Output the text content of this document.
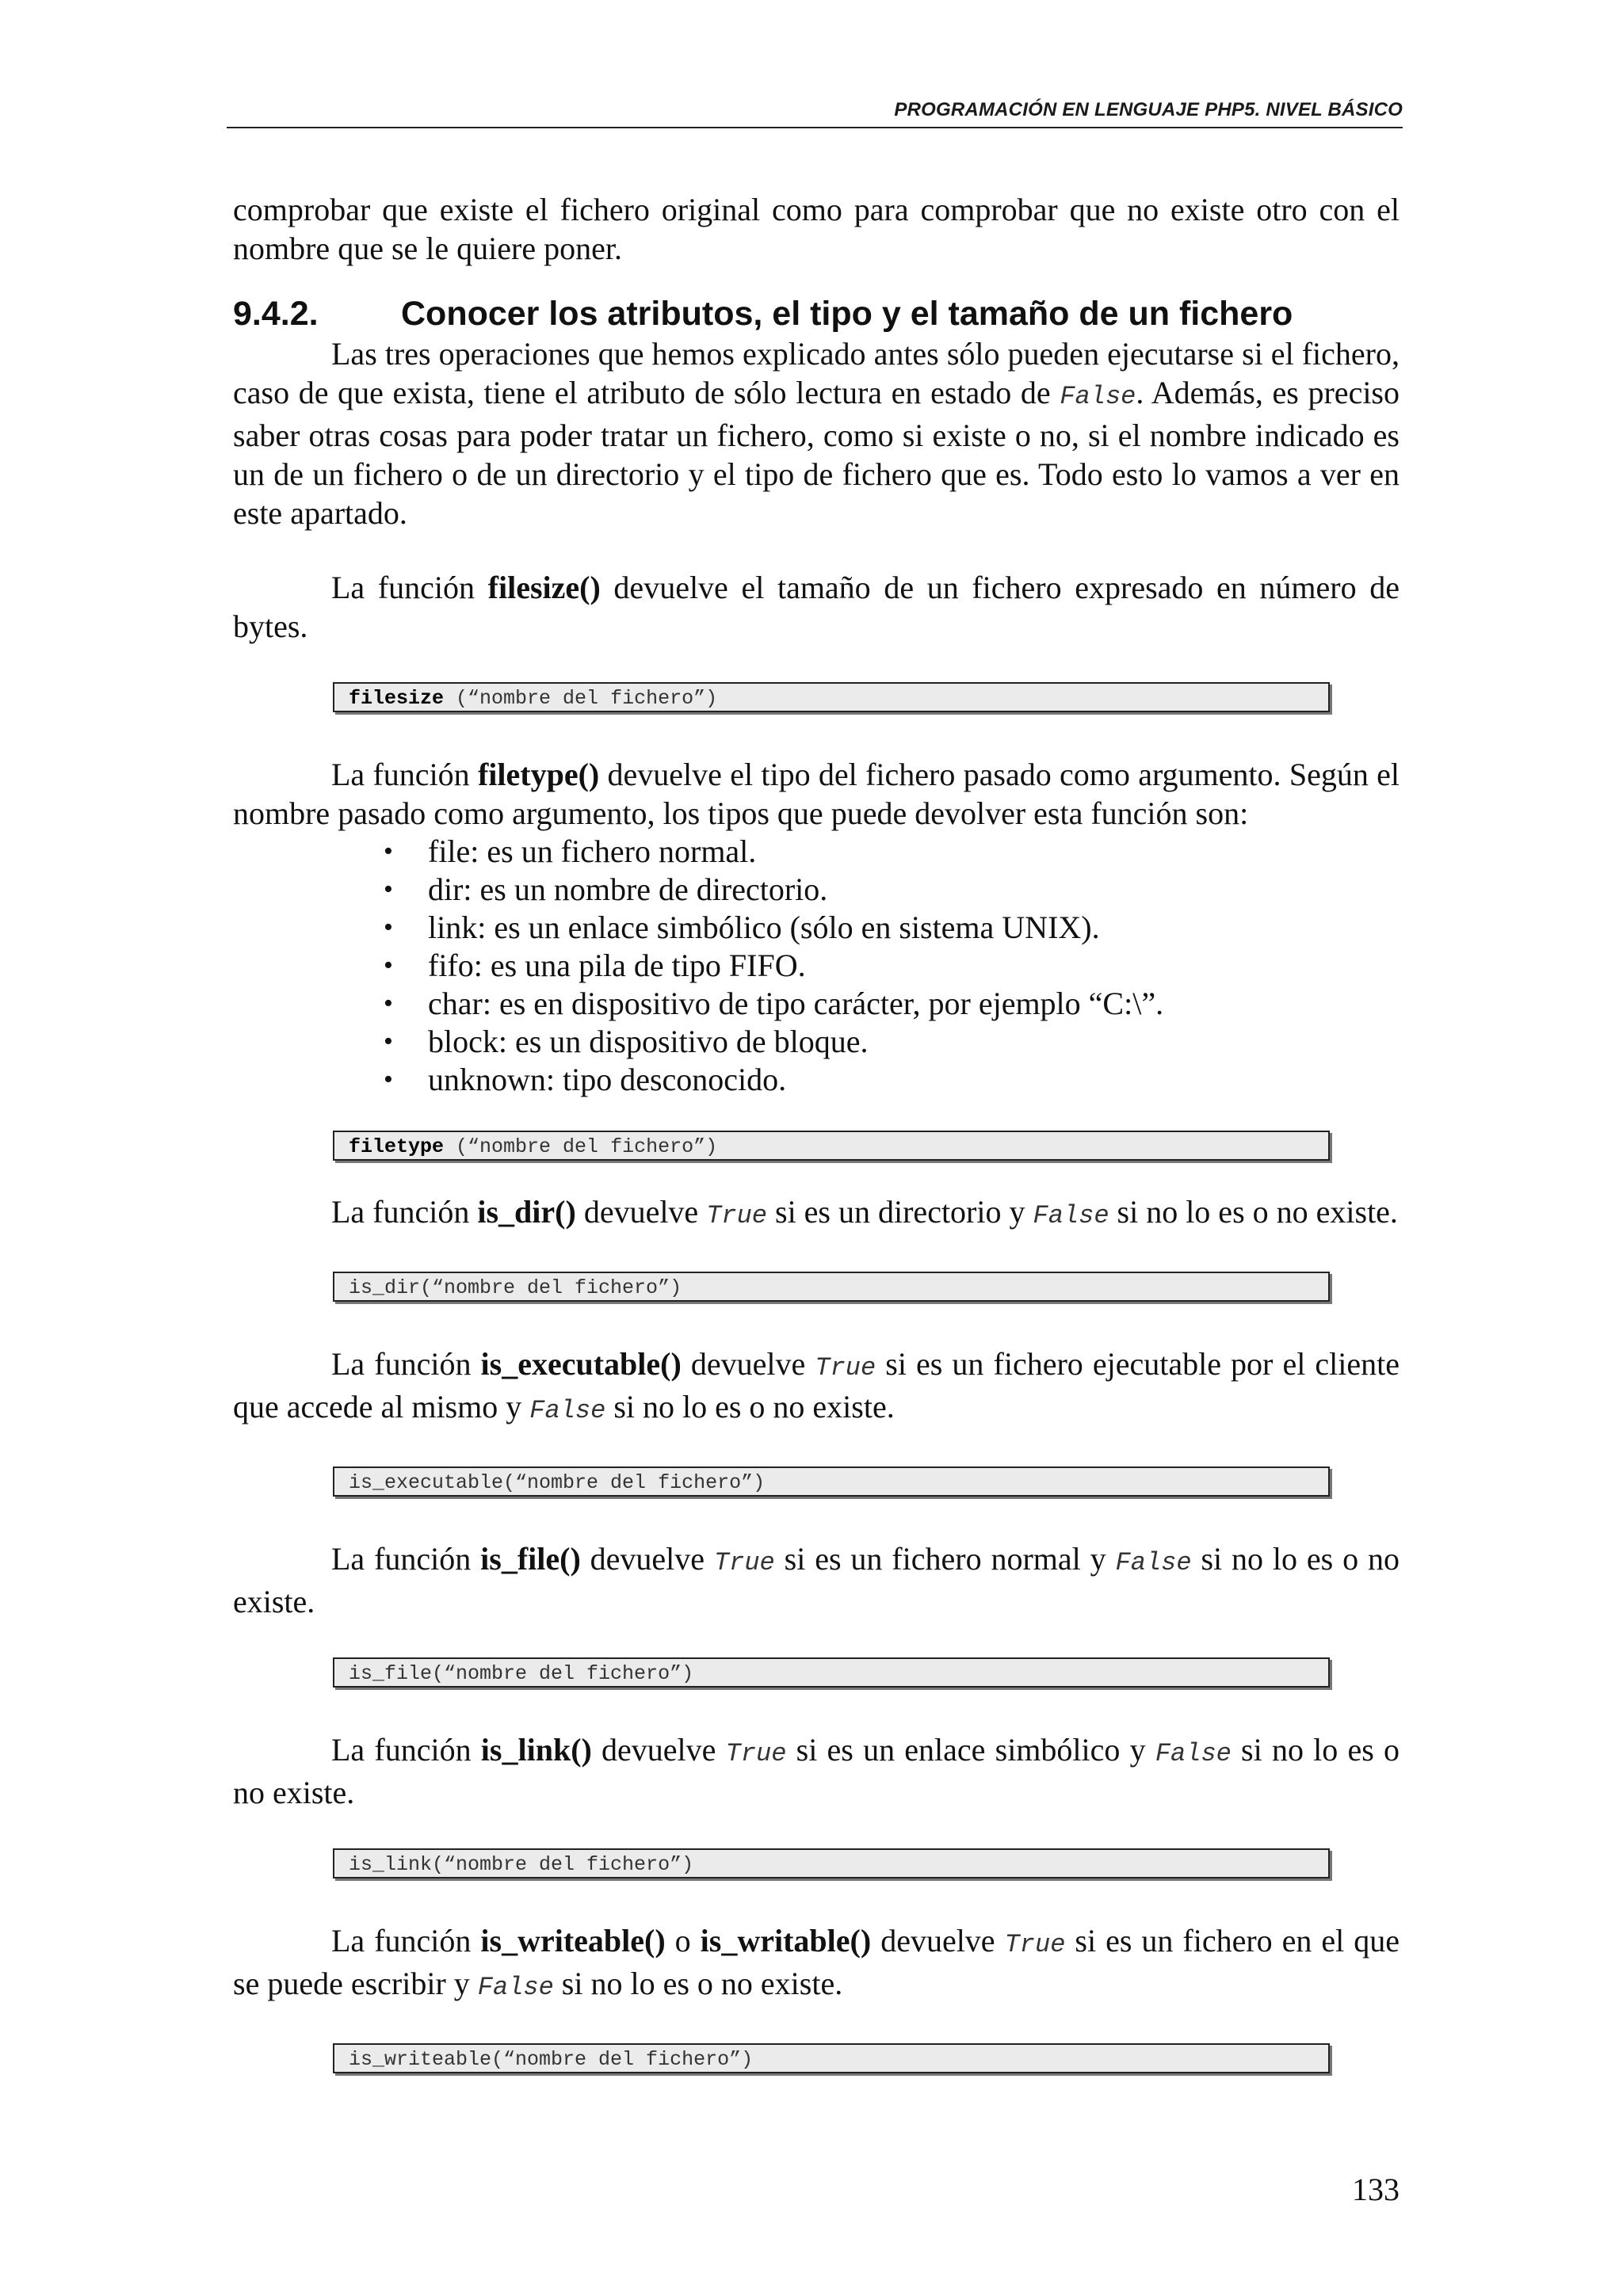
PROGRAMACIÓN EN LENGUAJE PHP5. NIVEL BÁSICO

comprobar que existe el fichero original como para comprobar que no existe otro con el nombre que se le quiere poner.

9.4.2.	Conocer los atributos, el tipo y el tamaño de un fichero

Las tres operaciones que hemos explicado antes sólo pueden ejecutarse si el fichero, caso de que exista, tiene el atributo de sólo lectura en estado de False. Además, es preciso saber otras cosas para poder tratar un fichero, como si existe o no, si el nombre indicado es un de un fichero o de un directorio y el tipo de fichero que es. Todo esto lo vamos a ver en este apartado.

La función filesize() devuelve el tamaño de un fichero expresado en número de bytes.

filesize (“nombre del fichero”)

La función filetype() devuelve el tipo del fichero pasado como argumento. Según el nombre pasado como argumento, los tipos que puede devolver esta función son:

• file: es un fichero normal.
• dir: es un nombre de directorio.
• link: es un enlace simbólico (sólo en sistema UNIX).
• fifo: es una pila de tipo FIFO.
• char: es en dispositivo de tipo carácter, por ejemplo “C:\”.
• block: es un dispositivo de bloque.
• unknown: tipo desconocido.
filetype (“nombre del fichero”)

La función is_dir() devuelve True si es un directorio y False si no lo es o no existe.

is_dir(“nombre del fichero”)

La función is_executable() devuelve True si es un fichero ejecutable por el cliente que accede al mismo y False si no lo es o no existe.

is_executable(“nombre del fichero”)

La función is_file() devuelve True si es un fichero normal y False si no lo es o no existe.

is_file(“nombre del fichero”)

La función is_link() devuelve True si es un enlace simbólico y False si no lo es o no existe.

is_link(“nombre del fichero”)

La función is_writeable() o is_writable() devuelve True si es un fichero en el que se puede escribir y False si no lo es o no existe.

is_writeable(“nombre del fichero”)
133
